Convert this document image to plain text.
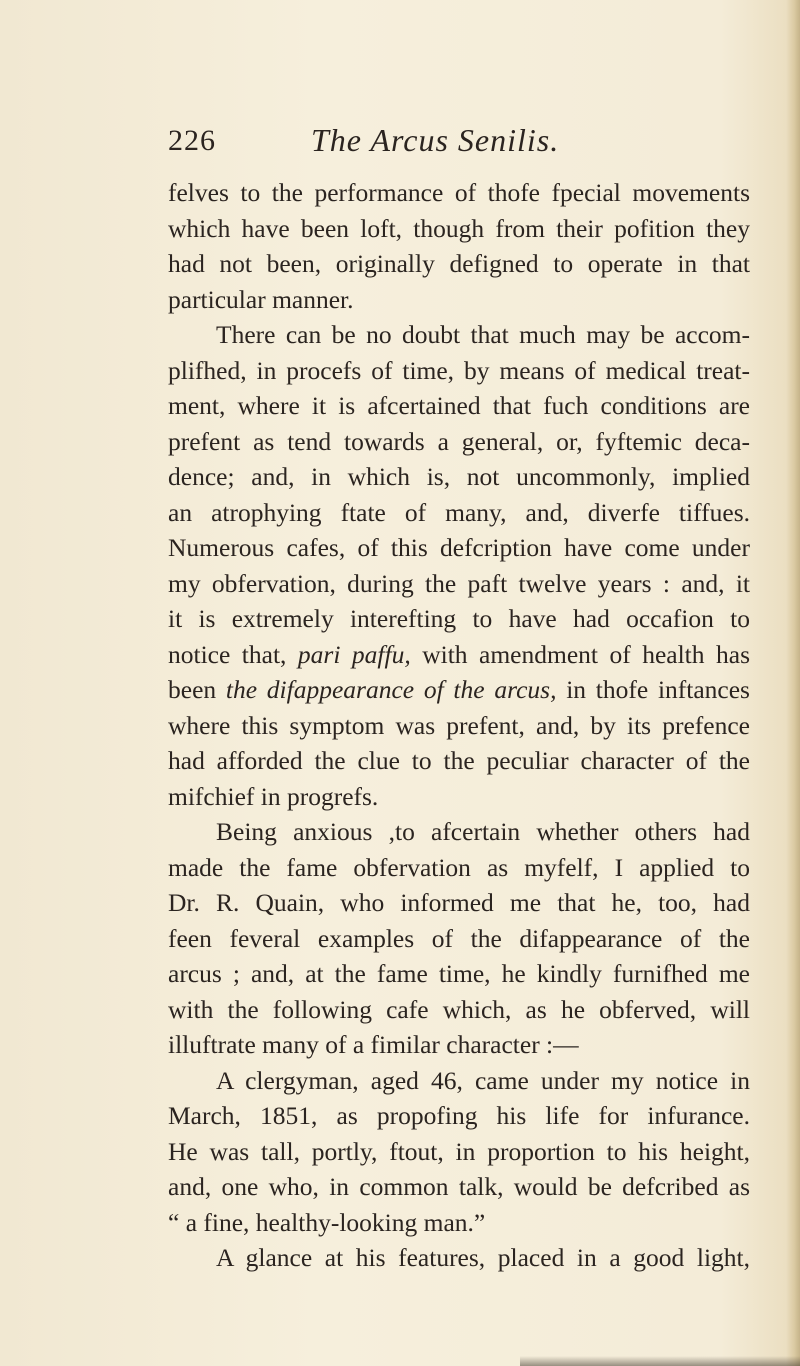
226	The Arcus Senilis.
felves to the performance of thofe fpecial movements
which have been loft, though from their pofition they
had not been, originally defigned to operate in that
particular manner.
There can be no doubt that much may be accom-
plifhed, in procefs of time, by means of medical treat-
ment, where it is afcertained that fuch conditions are
prefent as tend towards a general, or, fyftemic deca-
dence; and, in which is, not uncommonly, implied
an atrophying ftate of many, and, diverfe tiffues.
Numerous cafes, of this defcription have come under
my obfervation, during the paft twelve years : and, it
it is extremely interefting to have had occafion to
notice that, pari paffu, with amendment of health has
been the difappearance of the arcus, in thofe inftances
where this symptom was prefent, and, by its prefence
had afforded the clue to the peculiar character of the
mifchief in progrefs.
Being anxious ,to afcertain whether others had
made the fame obfervation as myfelf, I applied to
Dr. R. Quain, who informed me that he, too, had
feen feveral examples of the difappearance of the
arcus ; and, at the fame time, he kindly furnifhed me
with the following cafe which, as he obferved, will
illuftrate many of a fimilar character :—
A clergyman, aged 46, came under my notice in
March, 1851, as propofing his life for infurance.
He was tall, portly, ftout, in proportion to his height,
and, one who, in common talk, would be defcribed as
“ a fine, healthy-looking man.”
A glance at his features, placed in a good light,
